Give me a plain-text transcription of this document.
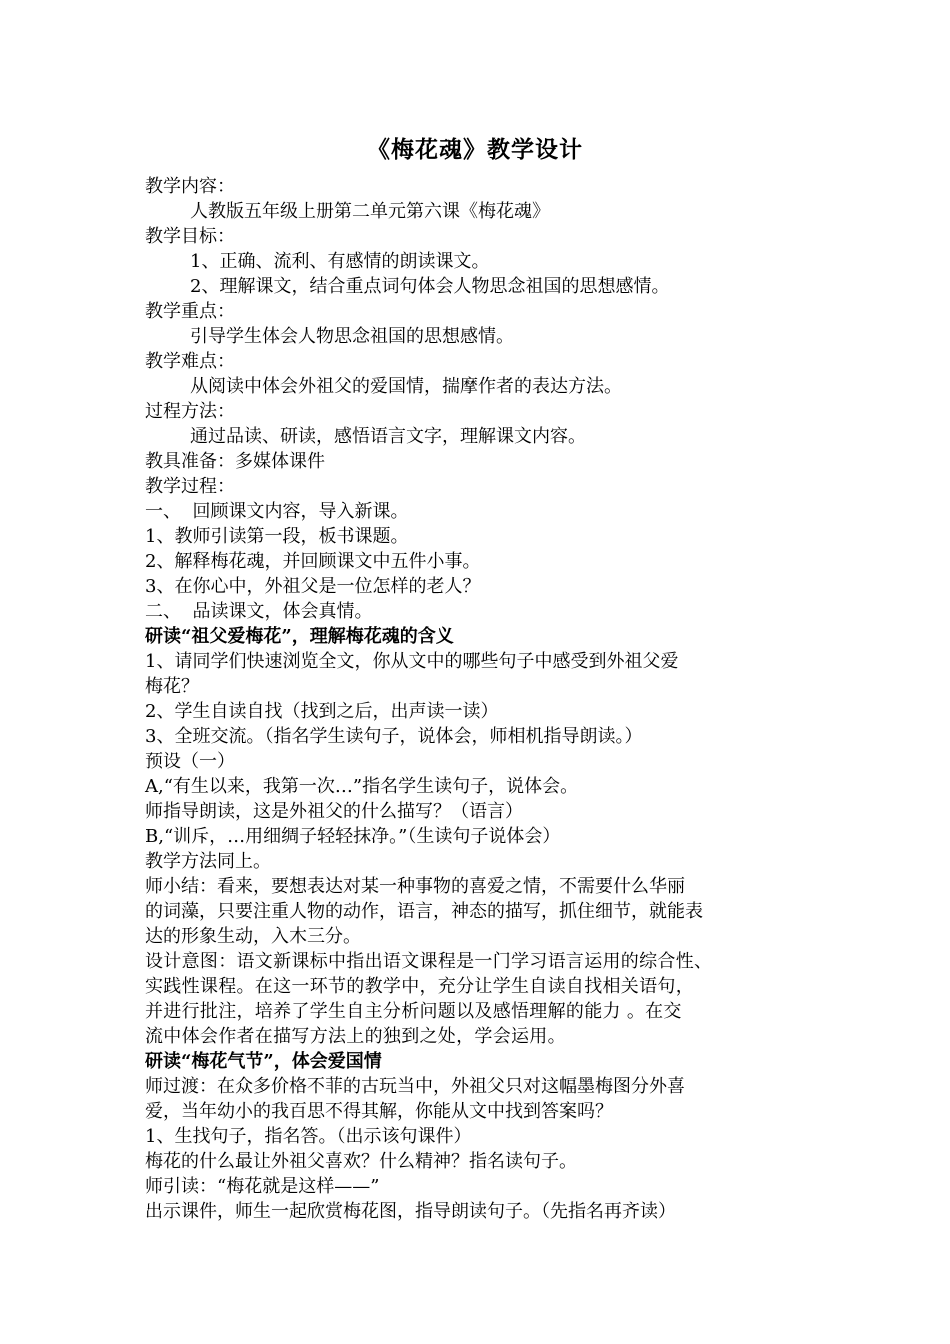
《梅花魂》教学设计
教学内容：
人教版五年级上册第二单元第六课《梅花魂》
教学目标：
1、正确、流利、有感情的朗读课文。
2、理解课文，结合重点词句体会人物思念祖国的思想感情。
教学重点：
引导学生体会人物思念祖国的思想感情。
教学难点：
从阅读中体会外祖父的爱国情，揣摩作者的表达方法。
过程方法：
通过品读、研读，感悟语言文字，理解课文内容。
教具准备：多媒体课件
教学过程：
一、  回顾课文内容，导入新课。
1、教师引读第一段，板书课题。
2、解释梅花魂，并回顾课文中五件小事。
3、在你心中，外祖父是一位怎样的老人？
二、  品读课文，体会真情。
研读“祖父爱梅花”，理解梅花魂的含义
1、请同学们快速浏览全文，你从文中的哪些句子中感受到外祖父爱
梅花？
2、学生自读自找（找到之后，出声读一读）
3、全班交流。（指名学生读句子，说体会，师相机指导朗读。）
预设（一）
A,“有生以来，我第一次…”指名学生读句子，说体会。
师指导朗读，这是外祖父的什么描写？（语言）
B,“训斥，…用细绸子轻轻抹净。”（生读句子说体会）
教学方法同上。
师小结：看来，要想表达对某一种事物的喜爱之情，不需要什么华丽
的词藻，只要注重人物的动作，语言，神态的描写，抓住细节，就能表
达的形象生动，入木三分。
设计意图：语文新课标中指出语文课程是一门学习语言运用的综合性、
实践性课程。在这一环节的教学中，充分让学生自读自找相关语句，
并进行批注，培养了学生自主分析问题以及感悟理解的能力 。在交
流中体会作者在描写方法上的独到之处，学会运用。
研读“梅花气节”，体会爱国情
师过渡：在众多价格不菲的古玩当中，外祖父只对这幅墨梅图分外喜
爱，当年幼小的我百思不得其解，你能从文中找到答案吗？
1、生找句子，指名答。（出示该句课件）
梅花的什么最让外祖父喜欢？什么精神？指名读句子。
师引读：“梅花就是这样——”
出示课件，师生一起欣赏梅花图，指导朗读句子。（先指名再齐读）
